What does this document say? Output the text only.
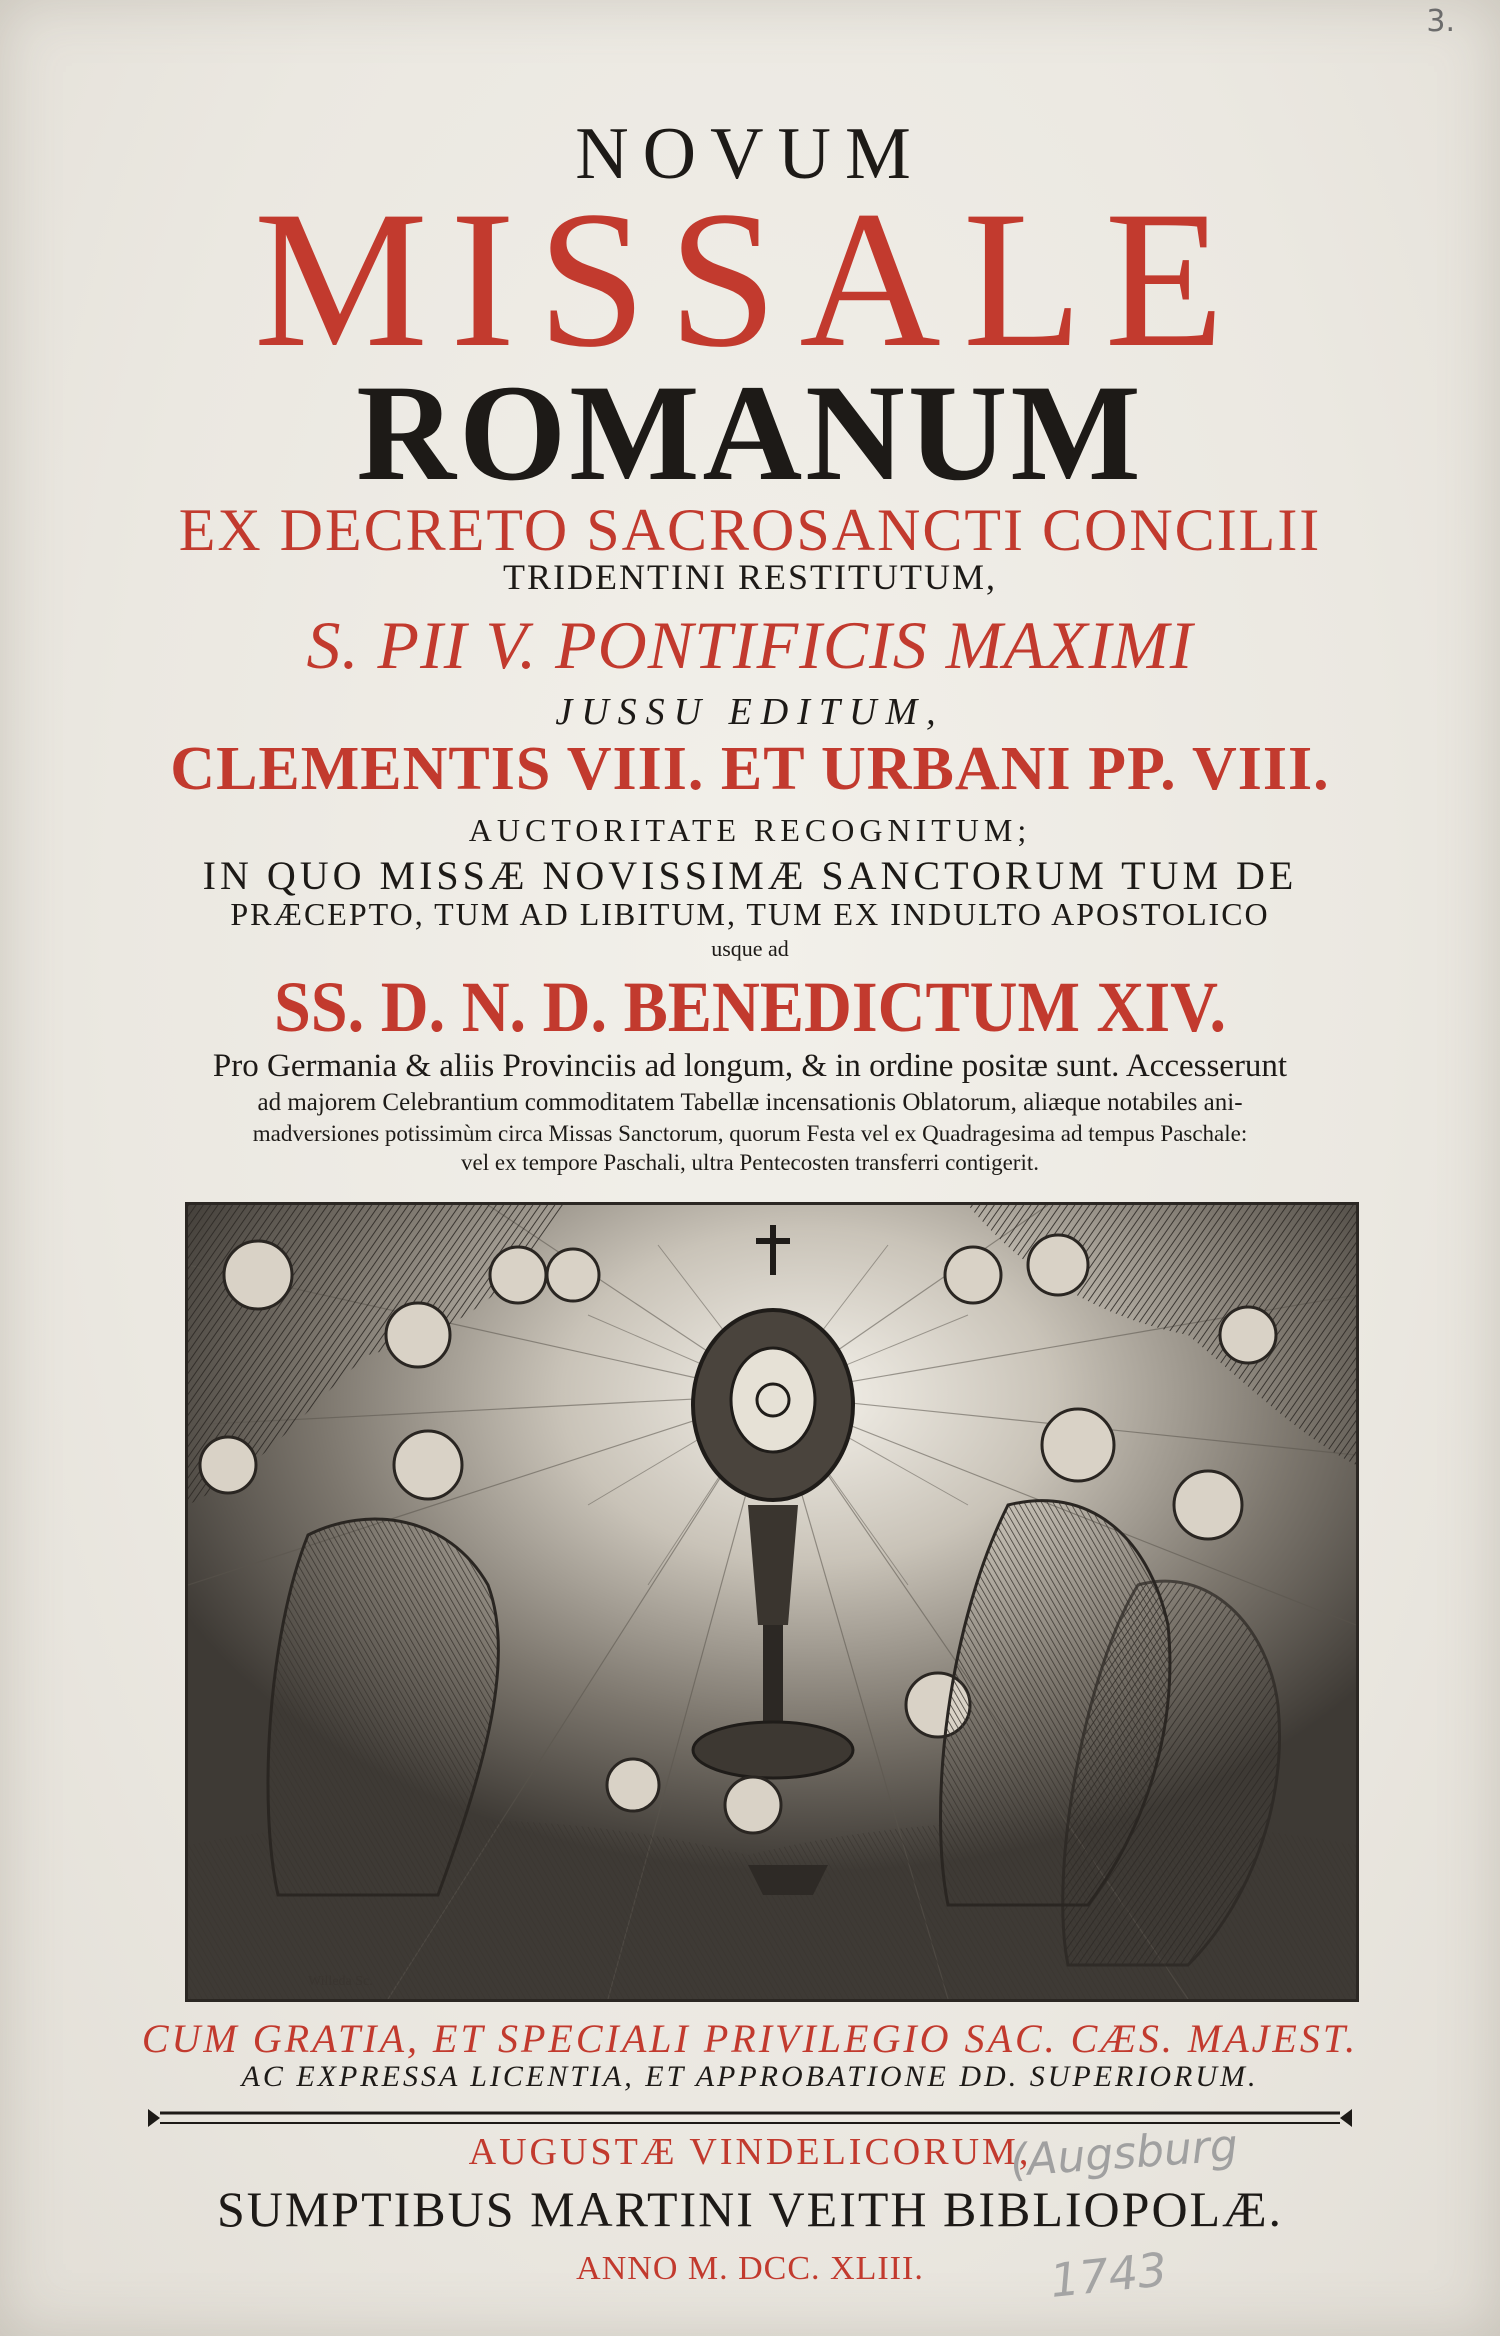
3.
NOVUM
MISSALE
ROMANUM
EX DECRETO SACROSANCTI CONCILII
TRIDENTINI RESTITUTUM,
S. PII V. PONTIFICIS MAXIMI
JUSSU EDITUM,
CLEMENTIS VIII. ET URBANI PP. VIII.
AUCTORITATE RECOGNITUM;
IN QUO MISSÆ NOVISSIMÆ SANCTORUM TUM DE
PRÆCEPTO, TUM AD LIBITUM, TUM EX INDULTO APOSTOLICO
usque ad
SS. D. N. D. BENEDICTUM XIV.
Pro Germania & aliis Provinciis ad longum, & in ordine positæ sunt. Accesserunt
ad majorem Celebrantium commoditatem Tabellæ incensationis Oblatorum, aliæque notabiles ani-
madversiones potissimùm circa Missas Sanctorum, quorum Festa vel ex Quadragesima ad tempus Paschale:
vel ex tempore Paschali, ultra Pentecosten transferri contigerit.
Willeda Sc.
CUM GRATIA, ET SPECIALI PRIVILEGIO SAC. CÆS. MAJEST.
AC EXPRESSA LICENTIA, ET APPROBATIONE DD. SUPERIORUM.
AUGUSTÆ VINDELICORUM,
SUMPTIBUS MARTINI VEITH BIBLIOPOLÆ.
ANNO M. DCC. XLIII.
(Augsburg
1743
